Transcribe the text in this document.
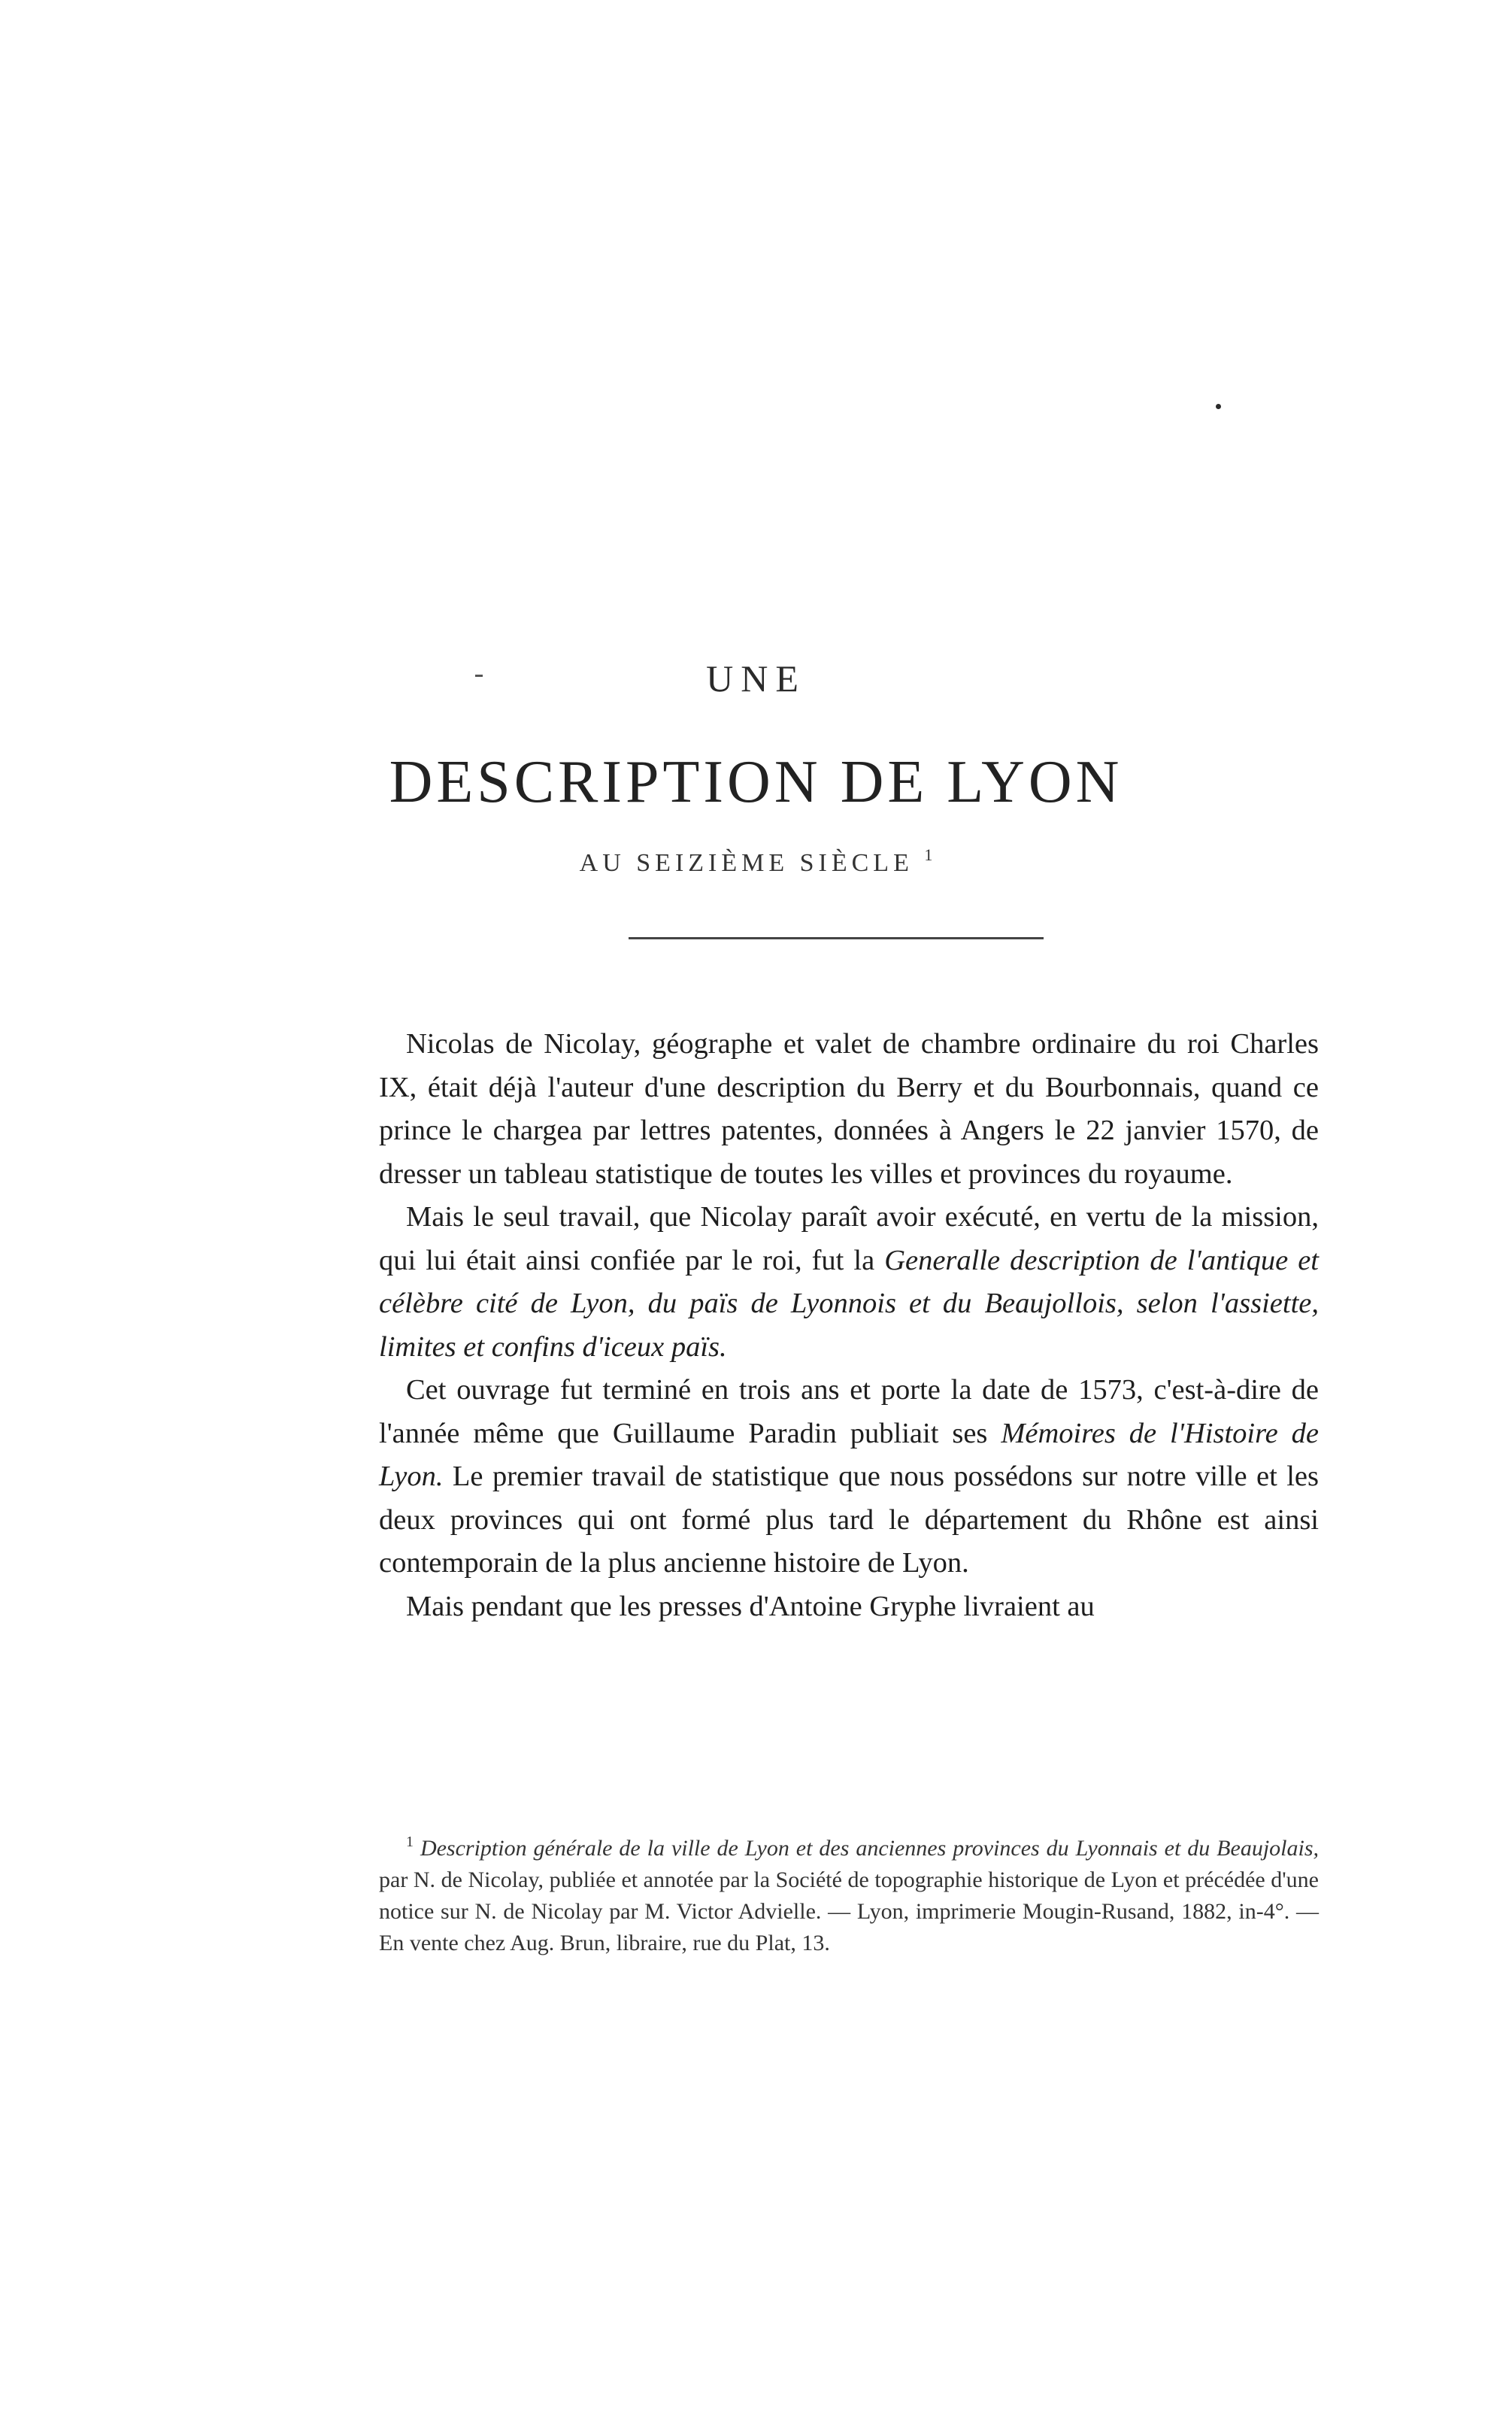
UNE
DESCRIPTION DE LYON
AU SEIZIÈME SIÈCLE $^1$

Nicolas de Nicolay, géographe et valet de chambre ordinaire du roi Charles IX, était déjà l'auteur d'une description du Berry et du Bourbonnais, quand ce prince le chargea par lettres patentes, données à Angers le 22 janvier 1570, de dresser un tableau statistique de toutes les villes et provinces du royaume.

Mais le seul travail, que Nicolay paraît avoir exécuté, en vertu de la mission, qui lui était ainsi confiée par le roi, fut la Generalle description de l'antique et célèbre cité de Lyon, du païs de Lyonnois et du Beaujollois, selon l'assiette, limites et confins d'iceux païs.

Cet ouvrage fut terminé en trois ans et porte la date de 1573, c'est-à-dire de l'année même que Guillaume Paradin publiait ses Mémoires de l'Histoire de Lyon. Le premier travail de statistique que nous possédons sur notre ville et les deux provinces qui ont formé plus tard le département du Rhône est ainsi contemporain de la plus ancienne histoire de Lyon.

Mais pendant que les presses d'Antoine Gryphe livraient au

$^1$ Description générale de la ville de Lyon et des anciennes provinces du Lyonnais et du Beaujolais, par N. de Nicolay, publiée et annotée par la Société de topographie historique de Lyon et précédée d'une notice sur N. de Nicolay par M. Victor Advielle. — Lyon, imprimerie Mougin-Rusand, 1882, in-4°. — En vente chez Aug. Brun, libraire, rue du Plat, 13.
